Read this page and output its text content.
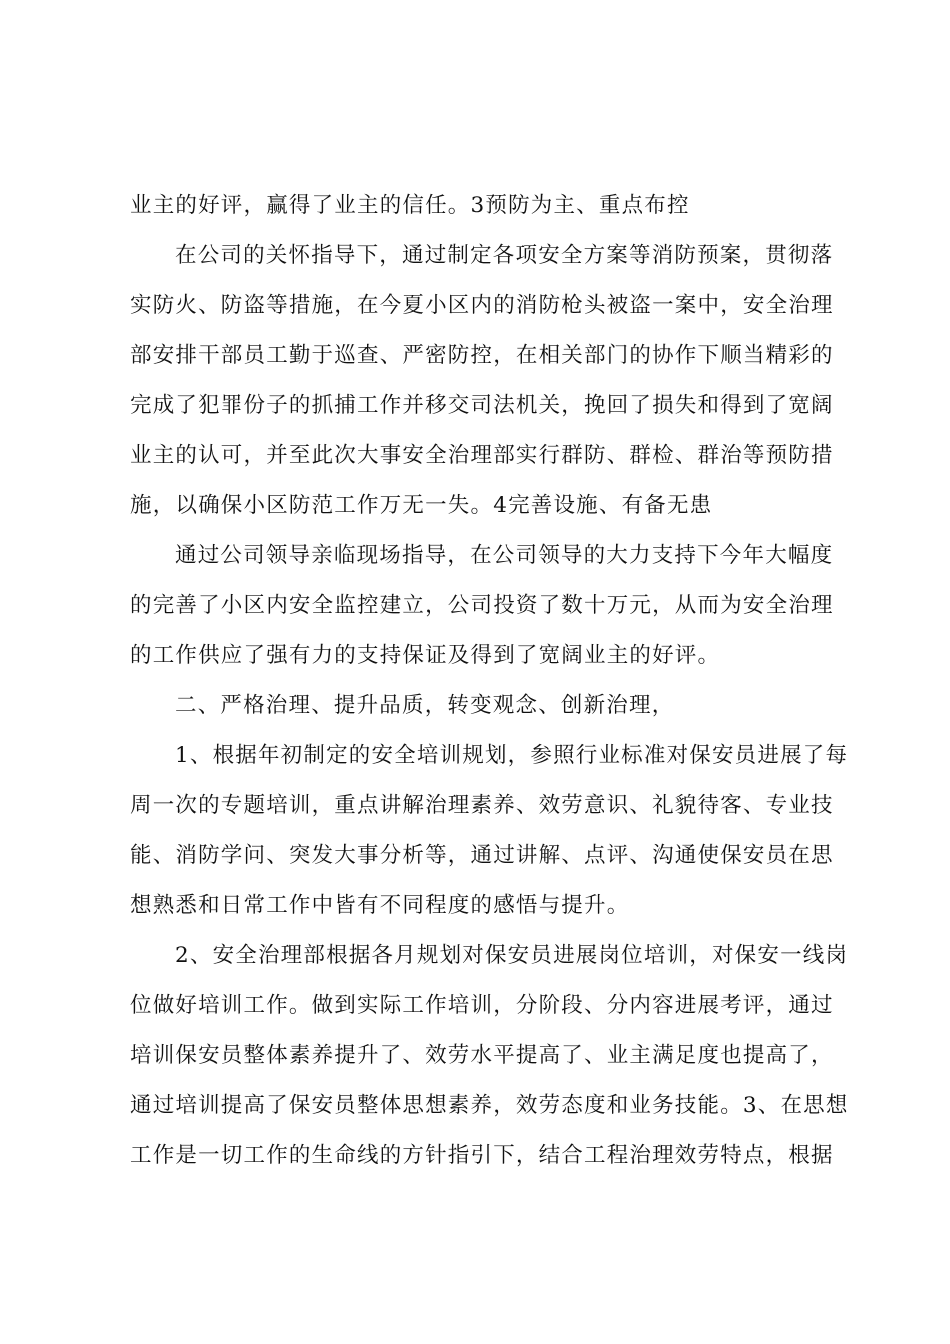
业主的好评，赢得了业主的信任。3预防为主、重点布控
在公司的关怀指导下，通过制定各项安全方案等消防预案，贯彻落
实防火、防盗等措施，在今夏小区内的消防枪头被盗一案中，安全治理
部安排干部员工勤于巡查、严密防控，在相关部门的协作下顺当精彩的
完成了犯罪份子的抓捕工作并移交司法机关，挽回了损失和得到了宽阔
业主的认可，并至此次大事安全治理部实行群防、群检、群治等预防措
施，以确保小区防范工作万无一失。4完善设施、有备无患
通过公司领导亲临现场指导，在公司领导的大力支持下今年大幅度
的完善了小区内安全监控建立，公司投资了数十万元，从而为安全治理
的工作供应了强有力的支持保证及得到了宽阔业主的好评。
二、严格治理、提升品质，转变观念、创新治理，
1、根据年初制定的安全培训规划，参照行业标准对保安员进展了每
周一次的专题培训，重点讲解治理素养、效劳意识、礼貌待客、专业技
能、消防学问、突发大事分析等，通过讲解、点评、沟通使保安员在思
想熟悉和日常工作中皆有不同程度的感悟与提升。
2、安全治理部根据各月规划对保安员进展岗位培训，对保安一线岗
位做好培训工作。做到实际工作培训，分阶段、分内容进展考评，通过
培训保安员整体素养提升了、效劳水平提高了、业主满足度也提高了，
通过培训提高了保安员整体思想素养，效劳态度和业务技能。3、在思想
工作是一切工作的生命线的方针指引下，结合工程治理效劳特点，根据
